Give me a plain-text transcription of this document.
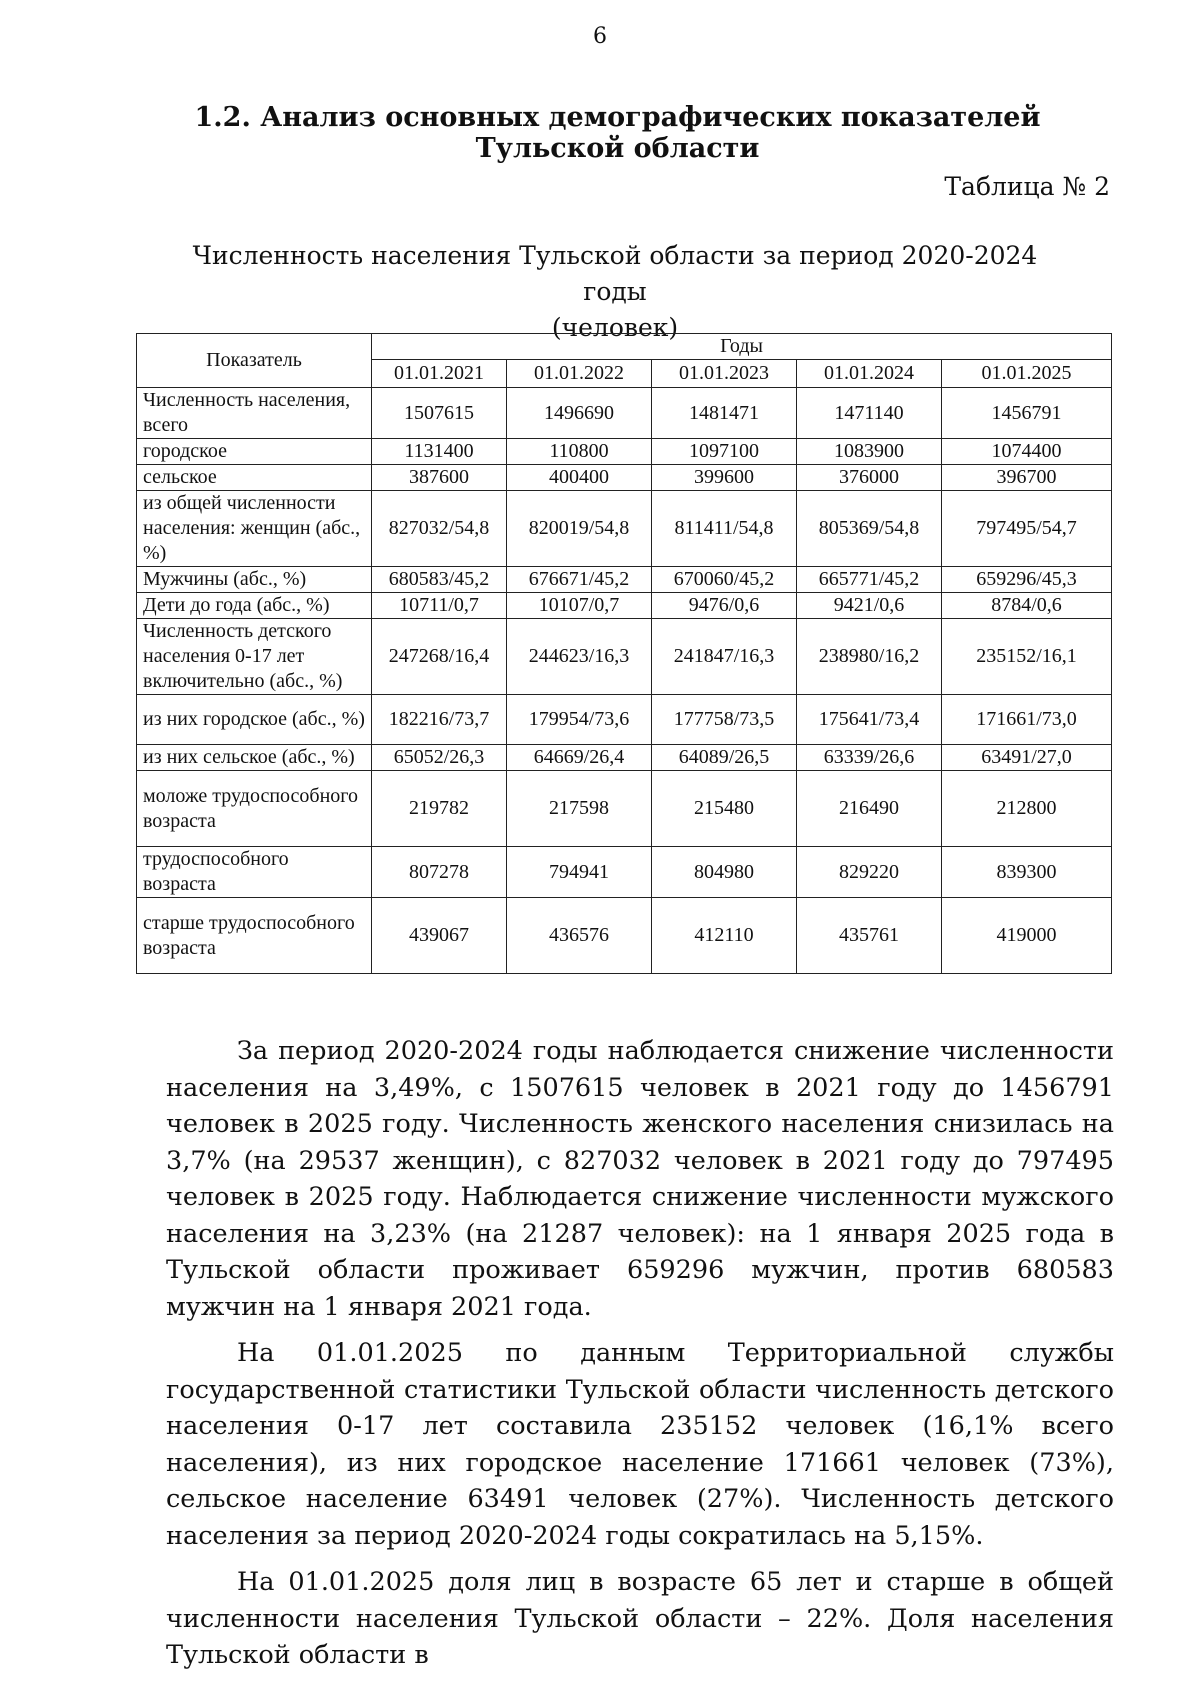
6
1.2. Анализ основных демографических показателей Тульской области
Таблица № 2
Численность населения Тульской области за период 2020-2024 годы
(человек)
Показатель	Годы				
	01.01.2021	01.01.2022	01.01.2023	01.01.2024	01.01.2025
Численность населения, всего	1507615	1496690	1481471	1471140	1456791
городское	1131400	110800	1097100	1083900	1074400
сельское	387600	400400	399600	376000	396700
из общей численности населения: женщин (абс., %)	827032/54,8	820019/54,8	811411/54,8	805369/54,8	797495/54,7
Мужчины (абс., %)	680583/45,2	676671/45,2	670060/45,2	665771/45,2	659296/45,3
Дети до года (абс., %)	10711/0,7	10107/0,7	9476/0,6	9421/0,6	8784/0,6
Численность детского населения 0-17 лет включительно (абс., %)	247268/16,4	244623/16,3	241847/16,3	238980/16,2	235152/16,1
из них городское (абс., %)	182216/73,7	179954/73,6	177758/73,5	175641/73,4	171661/73,0
из них сельское (абс., %)	65052/26,3	64669/26,4	64089/26,5	63339/26,6	63491/27,0
моложе трудоспособного возраста	219782	217598	215480	216490	212800
трудоспособного возраста	807278	794941	804980	829220	839300
старше трудоспособного возраста	439067	436576	412110	435761	419000

За период 2020-2024 годы наблюдается снижение численности населения на 3,49%, с 1507615 человек в 2021 году до 1456791 человек в 2025 году. Численность женского населения снизилась на 3,7% (на 29537 женщин), с 827032 человек в 2021 году до 797495 человек в 2025 году. Наблюдается снижение численности мужского населения на 3,23% (на 21287 человек): на 1 января 2025 года в Тульской области проживает 659296 мужчин, против 680583 мужчин на 1 января 2021 года.

На 01.01.2025 по данным Территориальной службы государственной статистики Тульской области численность детского населения 0-17 лет составила 235152 человек (16,1% всего населения), из них городское население 171661 человек (73%), сельское население 63491 человек (27%). Численность детского населения за период 2020-2024 годы сократилась на 5,15%.

На 01.01.2025 доля лиц в возрасте 65 лет и старше в общей численности населения Тульской области – 22%. Доля населения Тульской области в
